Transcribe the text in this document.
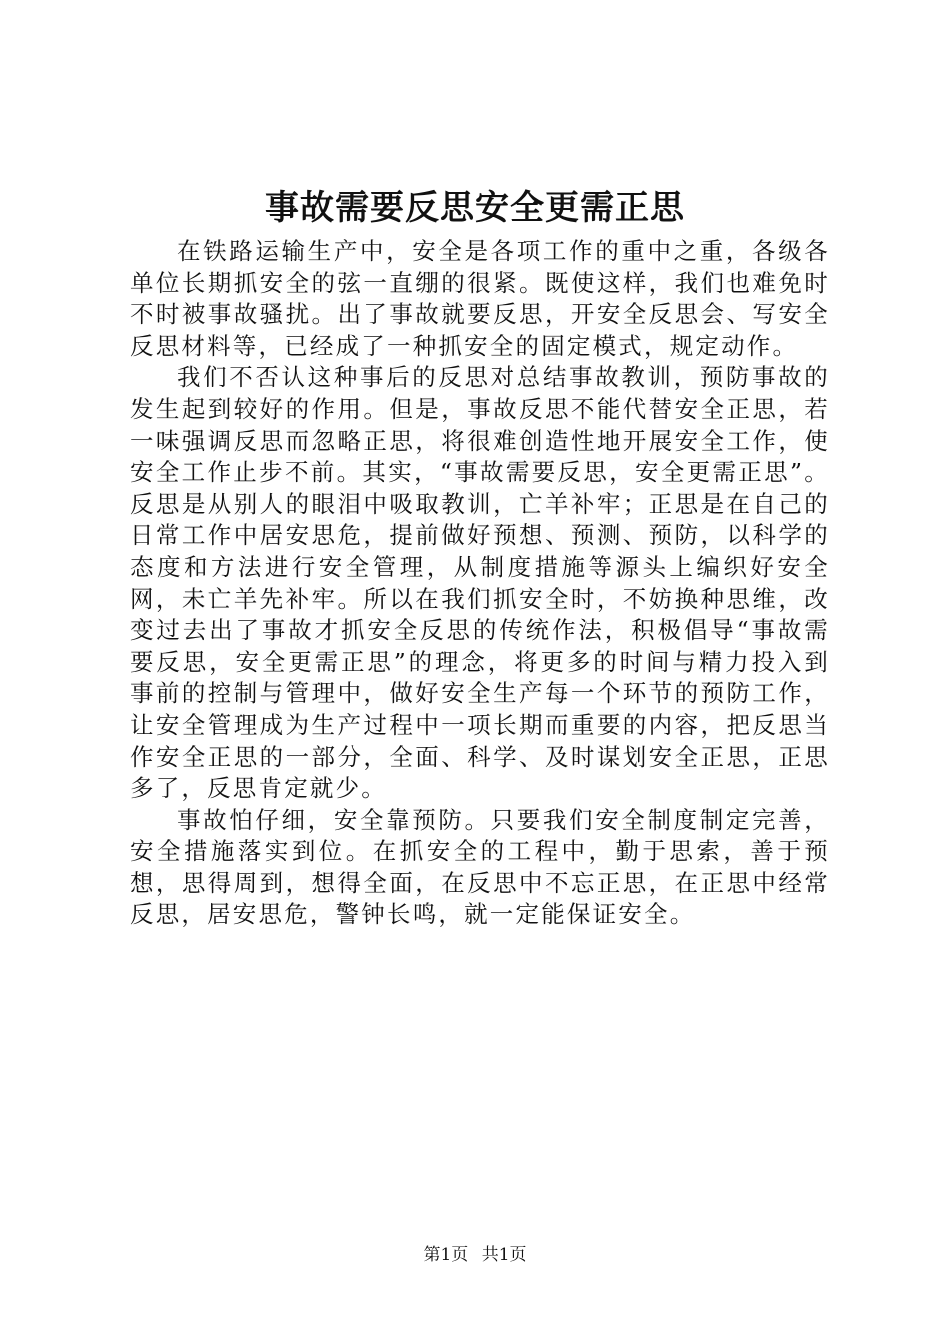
事故需要反思安全更需正思

在铁路运输生产中，安全是各项工作的重中之重，各级各单位长期抓安全的弦一直绷的很紧。既使这样，我们也难免时不时被事故骚扰。出了事故就要反思，开安全反思会、写安全反思材料等，已经成了一种抓安全的固定模式，规定动作。

我们不否认这种事后的反思对总结事故教训，预防事故的发生起到较好的作用。但是，事故反思不能代替安全正思，若一味强调反思而忽略正思，将很难创造性地开展安全工作，使安全工作止步不前。其实，“事故需要反思，安全更需正思”。反思是从别人的眼泪中吸取教训，亡羊补牢；正思是在自己的日常工作中居安思危，提前做好预想、预测、预防，以科学的态度和方法进行安全管理，从制度措施等源头上编织好安全网，未亡羊先补牢。所以在我们抓安全时，不妨换种思维，改变过去出了事故才抓安全反思的传统作法，积极倡导“事故需要反思，安全更需正思”的理念，将更多的时间与精力投入到事前的控制与管理中，做好安全生产每一个环节的预防工作，让安全管理成为生产过程中一项长期而重要的内容，把反思当作安全正思的一部分，全面、科学、及时谋划安全正思，正思多了，反思肯定就少。

事故怕仔细，安全靠预防。只要我们安全制度制定完善，安全措施落实到位。在抓安全的工程中，勤于思索，善于预想，思得周到，想得全面，在反思中不忘正思，在正思中经常反思，居安思危，警钟长鸣，就一定能保证安全。

第1页 共1页
